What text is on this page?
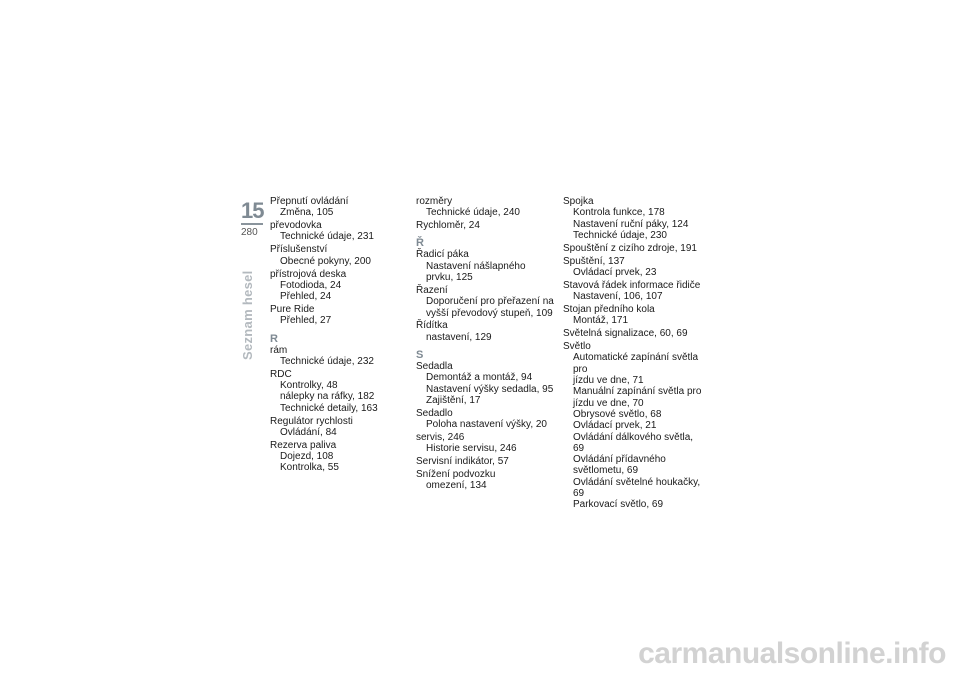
15
280
Seznam hesel
Přepnutí ovládání
Změna, 105
převodovka
Technické údaje, 231
Příslušenství
Obecné pokyny, 200
přístrojová deska
Fotodioda, 24
Přehled, 24
Pure Ride
Přehled, 27
R
rám
Technické údaje, 232
RDC
Kontrolky, 48
nálepky na ráfky, 182
Technické detaily, 163
Regulátor rychlosti
Ovládání, 84
Rezerva paliva
Dojezd, 108
Kontrolka, 55
rozměry
Technické údaje, 240
Rychloměr, 24
Ř
Řadicí páka
Nastavení nášlapného
prvku, 125
Řazení
Doporučení pro přeřazení na
vyšší převodový stupeň, 109
Řídítka
nastavení, 129
S
Sedadla
Demontáž a montáž, 94
Nastavení výšky sedadla, 95
Zajištění, 17
Sedadlo
Poloha nastavení výšky, 20
servis, 246
Historie servisu, 246
Servisní indikátor, 57
Snížení podvozku
omezení, 134
Spojka
Kontrola funkce, 178
Nastavení ruční páky, 124
Technické údaje, 230
Spouštění z cizího zdroje, 191
Spuštění, 137
Ovládací prvek, 23
Stavová řádek informace řidiče
Nastavení, 106, 107
Stojan předního kola
Montáž, 171
Světelná signalizace, 60, 69
Světlo
Automatické zapínání světla pro
jízdu ve dne, 71
Manuální zapínání světla pro
jízdu ve dne, 70
Obrysové světlo, 68
Ovládací prvek, 21
Ovládání dálkového světla, 69
Ovládání přídavného
světlometu, 69
Ovládání světelné houkačky, 69
Parkovací světlo, 69
carmanualsonline.info
